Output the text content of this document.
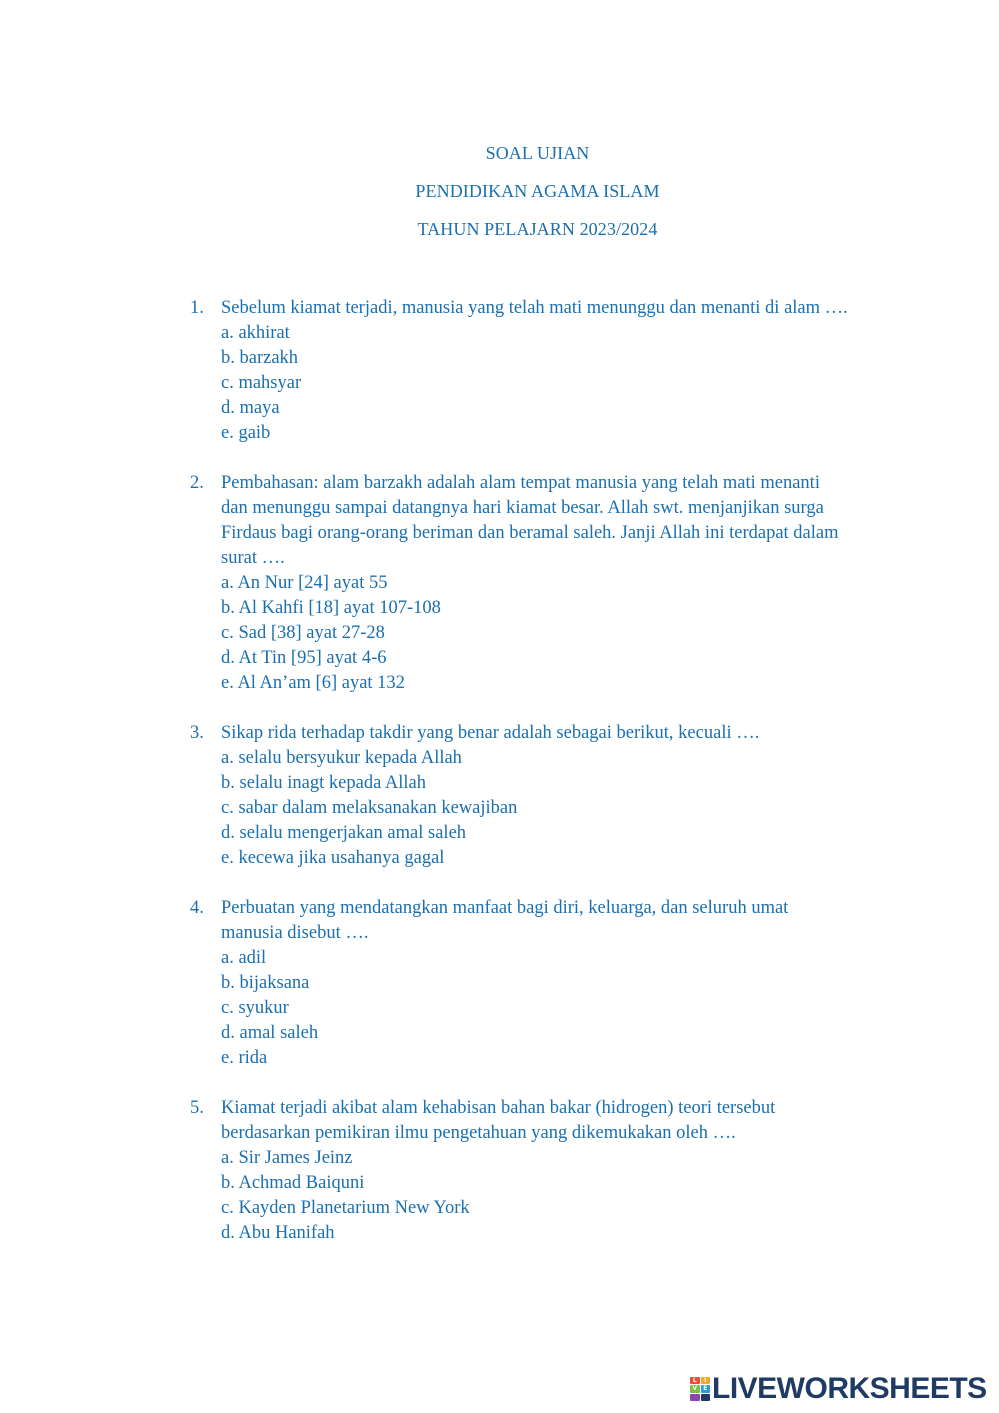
SOAL UJIAN
PENDIDIKAN AGAMA ISLAM
TAHUN PELAJARN 2023/2024
1. Sebelum kiamat terjadi, manusia yang telah mati menunggu dan menanti di alam ….
a. akhirat
b. barzakh
c. mahsyar
d. maya
e. gaib
2. Pembahasan: alam barzakh adalah alam tempat manusia yang telah mati menanti dan menunggu sampai datangnya hari kiamat besar. Allah swt. menjanjikan surga Firdaus bagi orang-orang beriman dan beramal saleh. Janji Allah ini terdapat dalam surat ….
a. An Nur [24] ayat 55
b. Al Kahfi [18] ayat 107-108
c. Sad [38] ayat 27-28
d. At Tin [95] ayat 4-6
e. Al An’am [6] ayat 132
3. Sikap rida terhadap takdir yang benar adalah sebagai berikut, kecuali ….
a. selalu bersyukur kepada Allah
b. selalu inagt kepada Allah
c. sabar dalam melaksanakan kewajiban
d. selalu mengerjakan amal saleh
e. kecewa jika usahanya gagal
4. Perbuatan yang mendatangkan manfaat bagi diri, keluarga, dan seluruh umat manusia disebut ….
a. adil
b. bijaksana
c. syukur
d. amal saleh
e. rida
5. Kiamat terjadi akibat alam kehabisan bahan bakar (hidrogen) teori tersebut berdasarkan pemikiran ilmu pengetahuan yang dikemukakan oleh ….
a. Sir James Jeinz
b. Achmad Baiquni
c. Kayden Planetarium New York
d. Abu Hanifah
L	I
V	E LIVEWORKSHEETS
